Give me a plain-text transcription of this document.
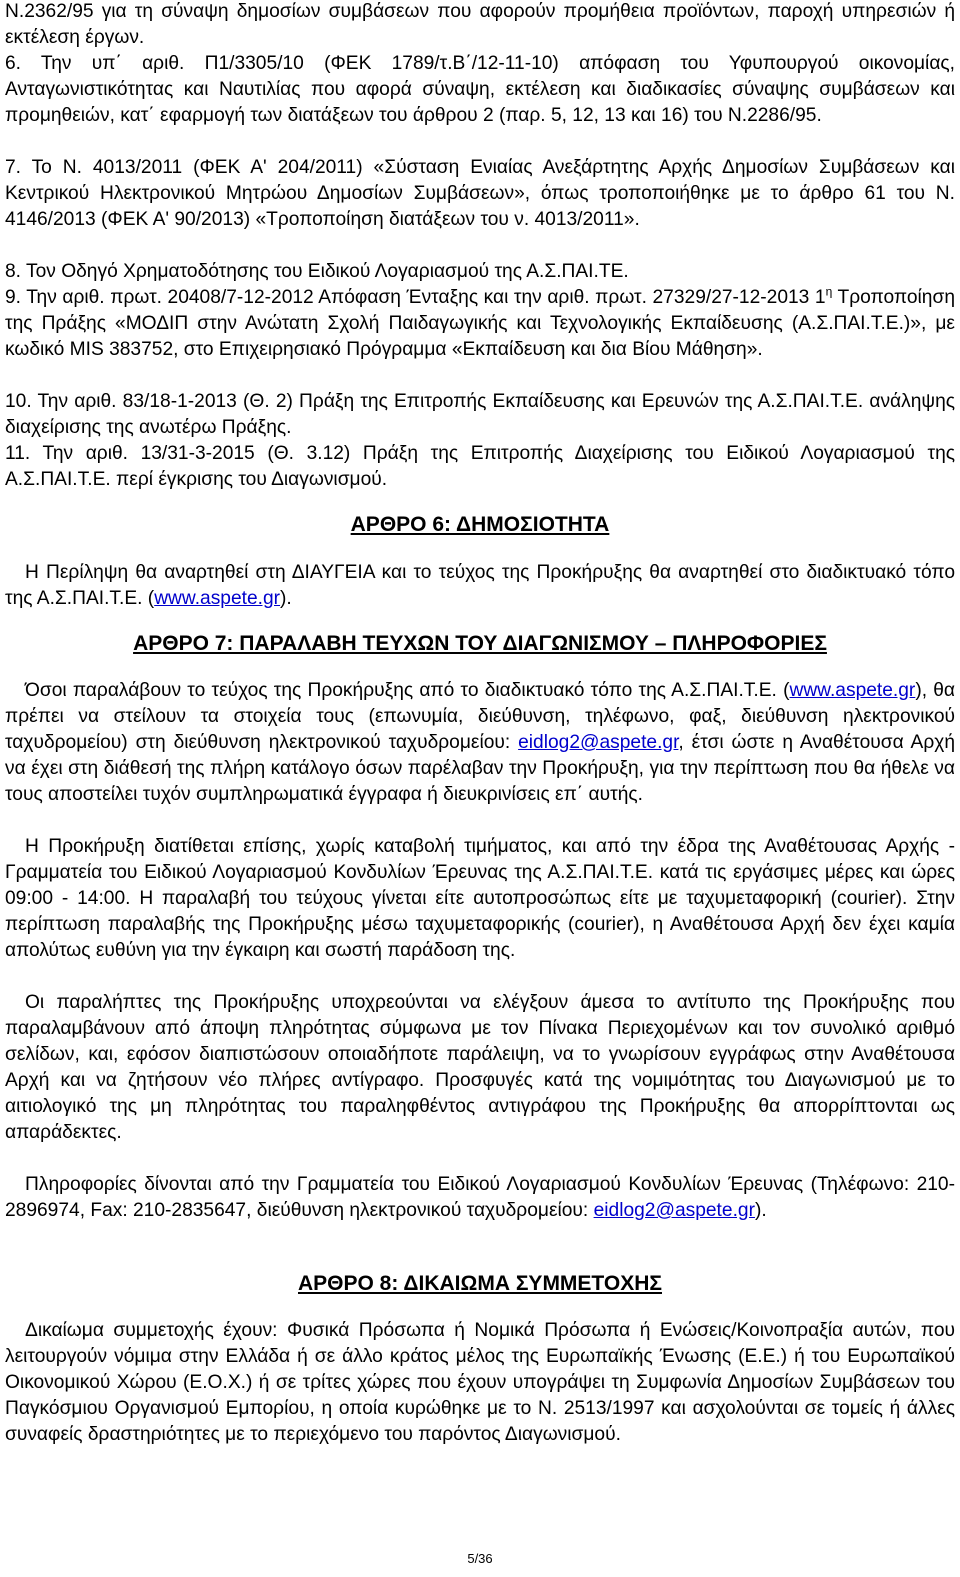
Ν.2362/95 για τη σύναψη δημοσίων συμβάσεων που αφορούν προμήθεια προϊόντων, παροχή υπηρεσιών ή εκτέλεση έργων.

6. Την υπ΄ αριθ. Π1/3305/10 (ΦΕΚ 1789/τ.Β΄/12-11-10) απόφαση του Υφυπουργού οικονομίας, Ανταγωνιστικότητας και Ναυτιλίας που αφορά σύναψη, εκτέλεση και διαδικασίες σύναψης συμβάσεων και προμηθειών, κατ΄ εφαρμογή των διατάξεων του άρθρου 2 (παρ. 5, 12, 13 και 16) του Ν.2286/95.

7. Το Ν. 4013/2011 (ΦΕΚ Α' 204/2011) «Σύσταση Ενιαίας Ανεξάρτητης Αρχής Δημοσίων Συμβάσεων και Κεντρικού Ηλεκτρονικού Μητρώου Δημοσίων Συμβάσεων», όπως τροποποιήθηκε με το άρθρο 61 του Ν. 4146/2013 (ΦΕΚ Α' 90/2013) «Τροποποίηση διατάξεων του ν. 4013/2011».

8. Τον Οδηγό Χρηματοδότησης του Ειδικού Λογαριασμού της Α.Σ.ΠΑΙ.ΤΕ.

9. Την αριθ. πρωτ. 20408/7-12-2012 Απόφαση Ένταξης και την αριθ. πρωτ. 27329/27-12-2013 $1^\eta$ Τροποποίηση της Πράξης «ΜΟΔΙΠ στην Ανώτατη Σχολή Παιδαγωγικής και Τεχνολογικής Εκπαίδευσης (Α.Σ.ΠΑΙ.Τ.Ε.)», με κωδικό MIS 383752, στο Επιχειρησιακό Πρόγραμμα «Εκπαίδευση και δια Βίου Μάθηση».

10. Την αριθ. 83/18-1-2013 (Θ. 2) Πράξη της Επιτροπής Εκπαίδευσης και Ερευνών της Α.Σ.ΠΑΙ.Τ.Ε. ανάληψης διαχείρισης της ανωτέρω Πράξης.

11. Την αριθ. 13/31-3-2015 (Θ. 3.12) Πράξη της Επιτροπής Διαχείρισης του Ειδικού Λογαριασμού της Α.Σ.ΠΑΙ.Τ.Ε. περί έγκρισης του Διαγωνισμού.

ΑΡΘΡΟ 6: ΔΗΜΟΣΙΟΤΗΤΑ

Η Περίληψη θα αναρτηθεί στη ΔΙΑΥΓΕΙΑ και το τεύχος της Προκήρυξης θα αναρτηθεί στο διαδικτυακό τόπο της Α.Σ.ΠΑΙ.Τ.Ε. (www.aspete.gr).

ΑΡΘΡΟ 7: ΠΑΡΑΛΑΒΗ ΤΕΥΧΩΝ ΤΟΥ ΔΙΑΓΩΝΙΣΜΟΥ – ΠΛΗΡΟΦΟΡΙΕΣ

Όσοι παραλάβουν το τεύχος της Προκήρυξης από το διαδικτυακό τόπο της Α.Σ.ΠΑΙ.Τ.Ε. (www.aspete.gr), θα πρέπει να στείλουν τα στοιχεία τους (επωνυμία, διεύθυνση, τηλέφωνο, φαξ, διεύθυνση ηλεκτρονικού ταχυδρομείου) στη διεύθυνση ηλεκτρονικού ταχυδρομείου: eidlog2@aspete.gr, έτσι ώστε η Αναθέτουσα Αρχή να έχει στη διάθεσή της πλήρη κατάλογο όσων παρέλαβαν την Προκήρυξη, για την περίπτωση που θα ήθελε να τους αποστείλει τυχόν συμπληρωματικά έγγραφα ή διευκρινίσεις επ΄ αυτής.

Η Προκήρυξη διατίθεται επίσης, χωρίς καταβολή τιμήματος, και από την έδρα της Αναθέτουσας Αρχής - Γραμματεία του Ειδικού Λογαριασμού Κονδυλίων Έρευνας της Α.Σ.ΠΑΙ.Τ.Ε. κατά τις εργάσιμες μέρες και ώρες 09:00 - 14:00. Η παραλαβή του τεύχους γίνεται είτε αυτοπροσώπως είτε με ταχυμεταφορική (courier). Στην περίπτωση παραλαβής της Προκήρυξης μέσω ταχυμεταφορικής (courier), η Αναθέτουσα Αρχή δεν έχει καμία απολύτως ευθύνη για την έγκαιρη και σωστή παράδοση της.

Οι παραλήπτες της Προκήρυξης υποχρεούνται να ελέγξουν άμεσα το αντίτυπο της Προκήρυξης που παραλαμβάνουν από άποψη πληρότητας σύμφωνα με τον Πίνακα Περιεχομένων και τον συνολικό αριθμό σελίδων, και, εφόσον διαπιστώσουν οποιαδήποτε παράλειψη, να το γνωρίσουν εγγράφως στην Αναθέτουσα Αρχή και να ζητήσουν νέο πλήρες αντίγραφο. Προσφυγές κατά της νομιμότητας του Διαγωνισμού με το αιτιολογικό της μη πληρότητας του παραληφθέντος αντιγράφου της Προκήρυξης θα απορρίπτονται ως απαράδεκτες.

Πληροφορίες δίνονται από την Γραμματεία του Ειδικού Λογαριασμού Κονδυλίων Έρευνας (Τηλέφωνο: 210-2896974, Fax: 210-2835647, διεύθυνση ηλεκτρονικού ταχυδρομείου: eidlog2@aspete.gr).

ΑΡΘΡΟ 8: ΔΙΚΑΙΩΜΑ ΣΥΜΜΕΤΟΧΗΣ

Δικαίωμα συμμετοχής έχουν: Φυσικά Πρόσωπα ή Νομικά Πρόσωπα ή Ενώσεις/Κοινοπραξία αυτών, που λειτουργούν νόμιμα στην Ελλάδα ή σε άλλο κράτος μέλος της Ευρωπαϊκής Ένωσης (Ε.Ε.) ή του Ευρωπαϊκού Οικονομικού Χώρου (Ε.Ο.Χ.) ή σε τρίτες χώρες που έχουν υπογράψει τη Συμφωνία Δημοσίων Συμβάσεων του Παγκόσμιου Οργανισμού Εμπορίου, η οποία κυρώθηκε με το Ν. 2513/1997 και ασχολούνται σε τομείς ή άλλες συναφείς δραστηριότητες με το περιεχόμενο του παρόντος Διαγωνισμού.

5/36
